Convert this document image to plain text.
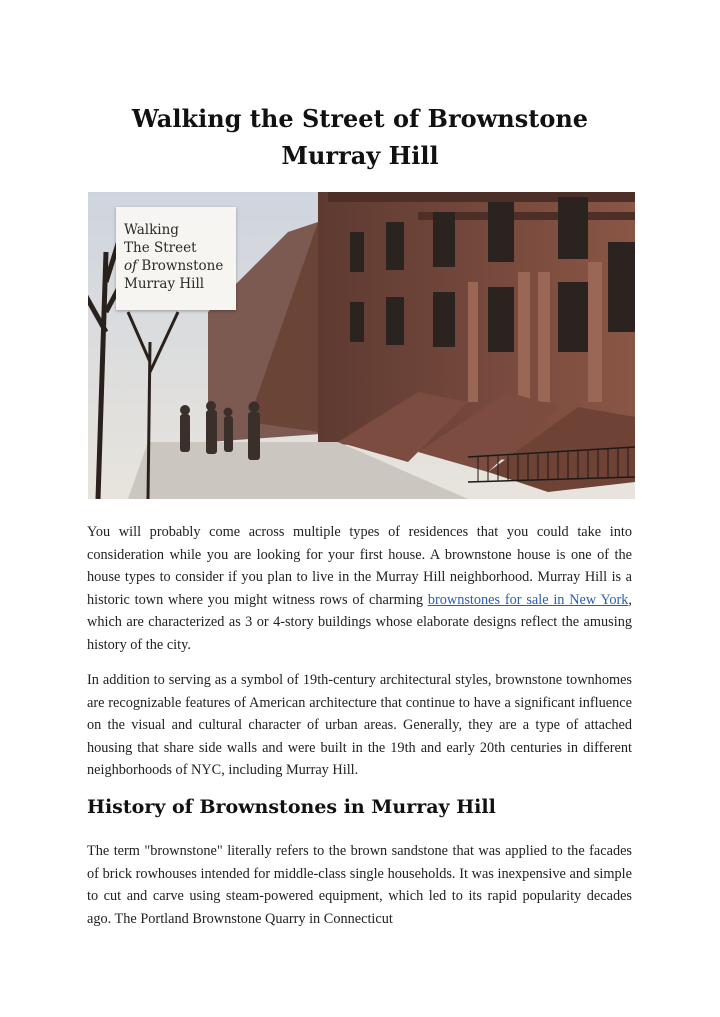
Walking the Street of Brownstone Murray Hill
Walking
The Street
of Brownstone
Murray Hill

You will probably come across multiple types of residences that you could take into consideration while you are looking for your first house. A brownstone house is one of the house types to consider if you plan to live in the Murray Hill neighborhood. Murray Hill is a historic town where you might witness rows of charming brownstones for sale in New York, which are characterized as 3 or 4-story buildings whose elaborate designs reflect the amusing history of the city.

In addition to serving as a symbol of 19th-century architectural styles, brownstone townhomes are recognizable features of American architecture that continue to have a significant influence on the visual and cultural character of urban areas. Generally, they are a type of attached housing that share side walls and were built in the 19th and early 20th centuries in different neighborhoods of NYC, including Murray Hill.

History of Brownstones in Murray Hill

The term "brownstone" literally refers to the brown sandstone that was applied to the facades of brick rowhouses intended for middle-class single households. It was inexpensive and simple to cut and carve using steam-powered equipment, which led to its rapid popularity decades ago. The Portland Brownstone Quarry in Connecticut
